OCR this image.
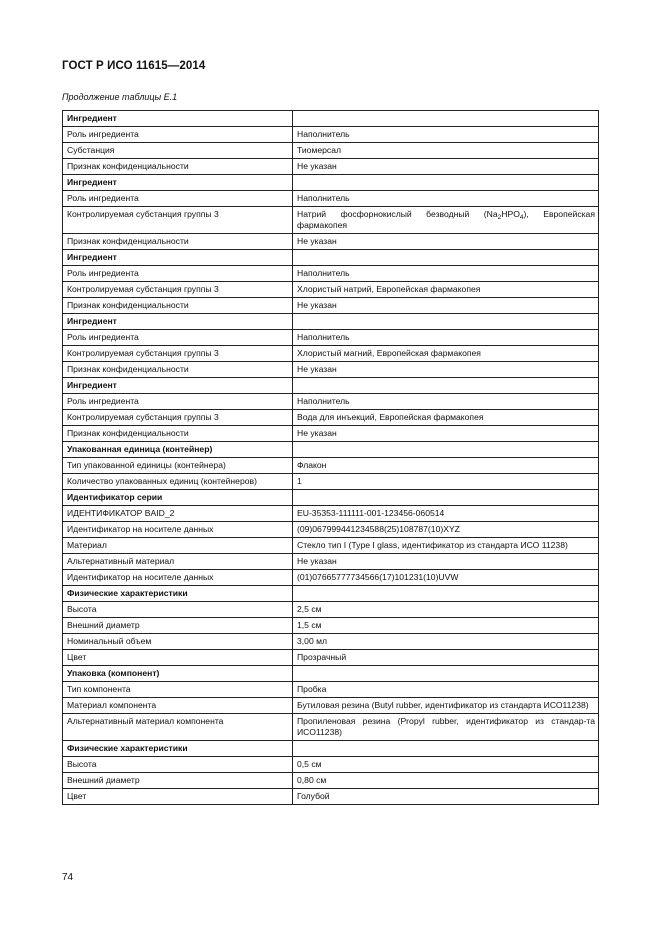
ГОСТ Р ИСО 11615—2014
Продолжение таблицы Е.1
Ингредиент	
Роль ингредиента	Наполнитель
Субстанция	Тиомерсал
Признак конфиденциальности	Не указан
Ингредиент	
Роль ингредиента	Наполнитель
Контролируемая субстанция группы 3	Натрий фосфорнокислый безводный $(Na_2HPO_4)$, Европейская фармакопея
Признак конфиденциальности	Не указан
Ингредиент	
Роль ингредиента	Наполнитель
Контролируемая субстанция группы 3	Хлористый натрий, Европейская фармакопея
Признак конфиденциальности	Не указан
Ингредиент	
Роль ингредиента	Наполнитель
Контролируемая субстанция группы 3	Хлористый магний, Европейская фармакопея
Признак конфиденциальности	Не указан
Ингредиент	
Роль ингредиента	Наполнитель
Контролируемая субстанция группы 3	Вода для инъекций, Европейская фармакопея
Признак конфиденциальности	Не указан
Упакованная единица (контейнер)	
Тип упакованной единицы (контейнера)	Флакон
Количество упакованных единиц (контейнеров)	1
Идентификатор серии	
ИДЕНТИФИКАТОР BAID_2	EU-35353-111111-001-123456-060514
Идентификатор на носителе данных	(09)067999441234588(25)108787(10)XYZ
Материал	Стекло тип I (Type I glass, идентификатор из стандарта ИСО 11238)
Альтернативный материал	Не указан
Идентификатор на носителе данных	(01)07665777734566(17)101231(10)UVW
Физические характеристики	
Высота	2,5 см
Внешний диаметр	1,5 см
Номинальный объем	3,00 мл
Цвет	Прозрачный
Упаковка (компонент)	
Тип компонента	Пробка
Материал компонента	Бутиловая резина (Butyl rubber, идентификатор из стандарта ИСО11238)
Альтернативный материал компонента	Пропиленовая резина (Propyl rubber, идентификатор из стандар-та ИСО11238)
Физические характеристики	
Высота	0,5 см
Внешний диаметр	0,80 см
Цвет	Голубой
74
